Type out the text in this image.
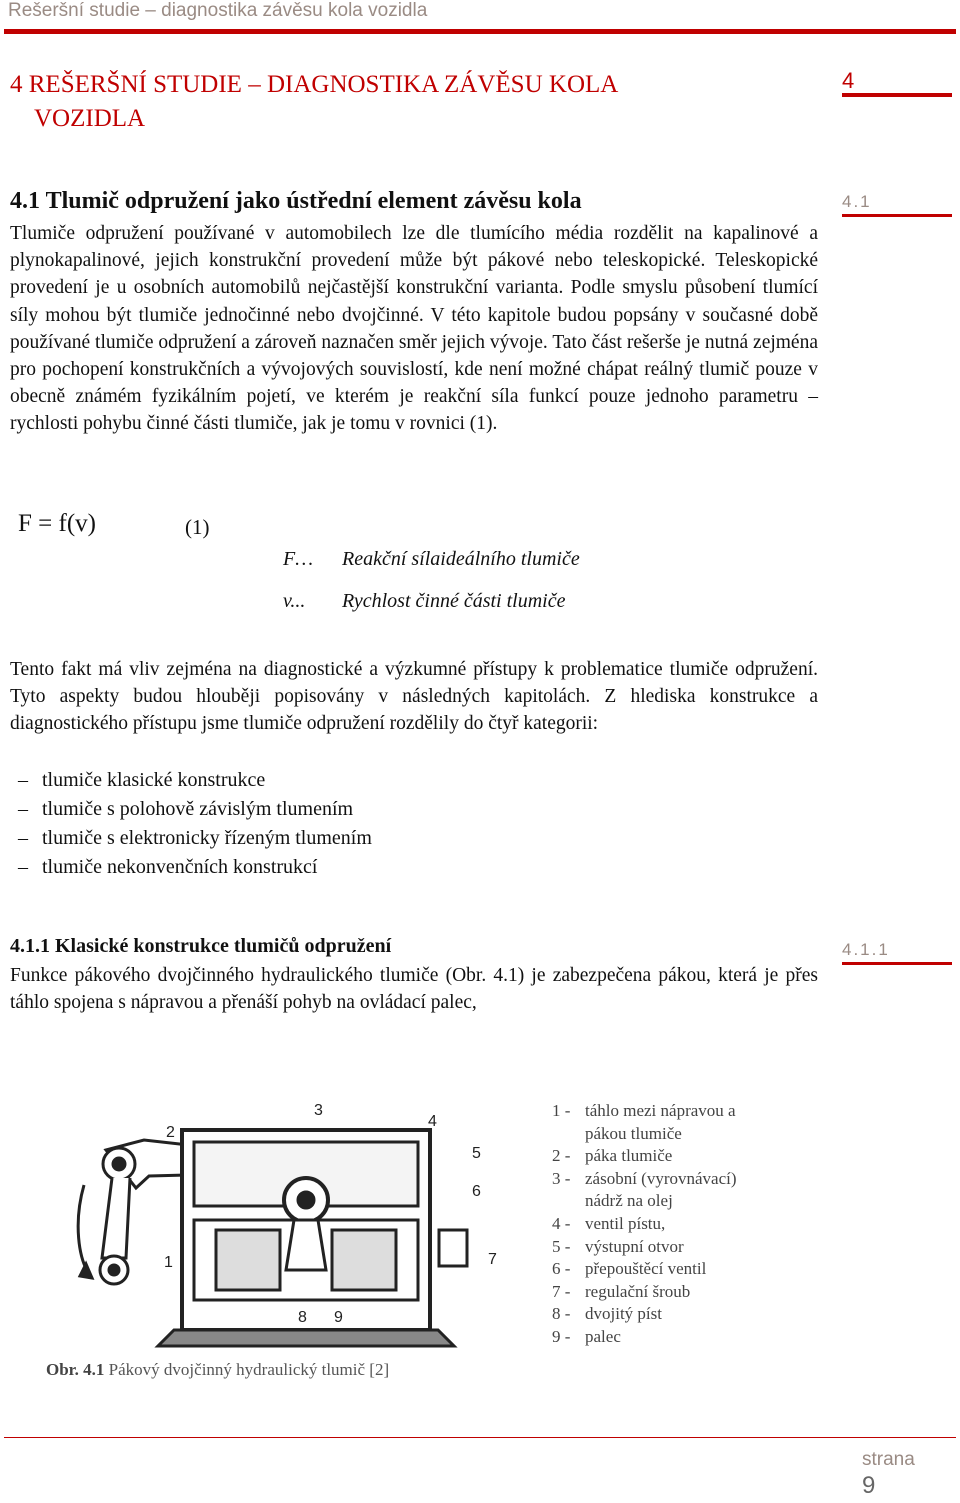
Rešeršní studie – diagnostika závěsu kola vozidla
4 REŠERŠNÍ STUDIE – DIAGNOSTIKA ZÁVĚSU KOLA
VOZIDLA
4
4.1 Tlumič odpružení jako ústřední element závěsu kola	4.1
Tlumiče odpružení používané v automobilech lze dle tlumícího média rozdělit na kapalinové a plynokapalinové, jejich konstrukční provedení může být pákové nebo teleskopické. Teleskopické provedení je u osobních automobilů nejčastější konstrukční varianta. Podle smyslu působení tlumící síly mohou být tlumiče jednočinné nebo dvojčinné. V této kapitole budou popsány v současné době používané tlumiče odpružení a zároveň naznačen směr jejich vývoje. Tato část rešerše je nutná zejména pro pochopení konstrukčních a vývojových souvislostí, kde není možné chápat reálný tlumič pouze v obecně známém fyzikálním pojetí, ve kterém je reakční síla funkcí pouze jednoho parametru – rychlosti pohybu činné části tlumiče, jak je tomu v rovnici (1).
F = f(v)	(1)
F… Reakční sílaideálního tlumiče
v... Rychlost činné části tlumiče
Tento fakt má vliv zejména na diagnostické a výzkumné přístupy k problematice tlumiče odpružení. Tyto aspekty budou hlouběji popisovány v následných kapitolách. Z hlediska konstrukce a diagnostického přístupu jsme tlumiče odpružení rozdělily do čtyř kategorii:
– tlumiče klasické konstrukce
– tlumiče s polohově závislým tlumením
– tlumiče s elektronicky řízeným tlumením
– tlumiče nekonvenčních konstrukcí
4.1.1 Klasické konstrukce tlumičů odpružení	4.1.1
Funkce pákového dvojčinného hydraulického tlumiče (Obr. 4.1) je zabezpečena pákou, která je přes táhlo spojena s nápravou a přenáší pohyb na ovládací palec,
1
2
3
4
5
6
7
8 9
1 - táhlo mezi nápravou a
pákou tlumiče
2 - páka tlumiče
3 - zásobní (vyrovnávací)
nádrž na olej
4 - ventil pístu,
5 - výstupní otvor
6 - přepouštěcí ventil
7 - regulační šroub
8 - dvojitý píst
9 - palec
Obr. 4.1 Pákový dvojčinný hydraulický tlumič [2]
strana
9
